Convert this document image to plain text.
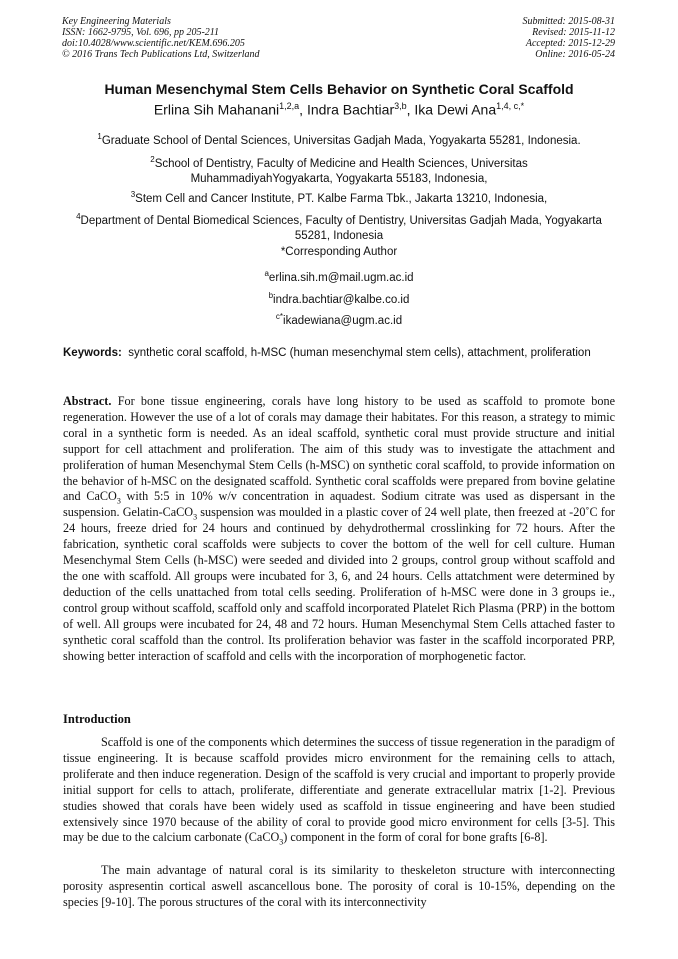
Key Engineering Materials
ISSN: 1662-9795, Vol. 696, pp 205-211
doi:10.4028/www.scientific.net/KEM.696.205
© 2016 Trans Tech Publications Ltd, Switzerland
Submitted: 2015-08-31
Revised: 2015-11-12
Accepted: 2015-12-29
Online: 2016-05-24
Human Mesenchymal Stem Cells Behavior on Synthetic Coral Scaffold
Erlina Sih Mahanani$^{1,2,a}$, Indra Bachtiar$^{3,b}$, Ika Dewi Ana$^{1,4, c,*}$
$^1$Graduate School of Dental Sciences, Universitas Gadjah Mada, Yogyakarta 55281, Indonesia.
$^2$School of Dentistry, Faculty of Medicine and Health Sciences, Universitas MuhammadiyahYogyakarta, Yogyakarta 55183, Indonesia,
$^3$Stem Cell and Cancer Institute, PT. Kalbe Farma Tbk., Jakarta 13210, Indonesia,
$^4$Department of Dental Biomedical Sciences, Faculty of Dentistry, Universitas Gadjah Mada, Yogyakarta 55281, Indonesia
*Corresponding Author
$^a$erlina.sih.m@mail.ugm.ac.id
$^b$indra.bachtiar@kalbe.co.id
$^{c*}$ikadewiana@ugm.ac.id
Keywords: synthetic coral scaffold, h-MSC (human mesenchymal stem cells), attachment, proliferation
Abstract. For bone tissue engineering, corals have long history to be used as scaffold to promote bone regeneration. However the use of a lot of corals may damage their habitates. For this reason, a strategy to mimic coral in a synthetic form is needed. As an ideal scaffold, synthetic coral must provide structure and initial support for cell attachment and proliferation. The aim of this study was to investigate the attachment and proliferation of human Mesenchymal Stem Cells (h-MSC) on synthetic coral scaffold, to provide information on the behavior of h-MSC on the designated scaffold. Synthetic coral scaffolds were prepared from bovine gelatine and CaCO$_3$ with 5:5 in 10% w/v concentration in aquadest. Sodium citrate was used as dispersant in the suspension. Gelatin-CaCO$_3$ suspension was moulded in a plastic cover of 24 well plate, then freezed at -20˚C for 24 hours, freeze dried for 24 hours and continued by dehydrothermal crosslinking for 72 hours. After the fabrication, synthetic coral scaffolds were subjects to cover the bottom of the well for cell culture. Human Mesenchymal Stem Cells (h-MSC) were seeded and divided into 2 groups, control group without scaffold and the one with scaffold. All groups were incubated for 3, 6, and 24 hours. Cells attatchment were determined by deduction of the cells unattached from total cells seeding. Proliferation of h-MSC were done in 3 groups ie., control group without scaffold, scaffold only and scaffold incorporated Platelet Rich Plasma (PRP) in the bottom of well. All groups were incubated for 24, 48 and 72 hours. Human Mesenchymal Stem Cells attached faster to synthetic coral scaffold than the control. Its proliferation behavior was faster in the scaffold incorporated PRP, showing better interaction of scaffold and cells with the incorporation of morphogenetic factor.
Introduction

Scaffold is one of the components which determines the success of tissue regeneration in the paradigm of tissue engineering. It is because scaffold provides micro environment for the remaining cells to attach, proliferate and then induce regeneration. Design of the scaffold is very crucial and important to properly provide initial support for cells to attach, proliferate, differentiate and generate extracellular matrix [1-2]. Previous studies showed that corals have been widely used as scaffold in tissue engineering and have been studied extensively since 1970 because of the ability of coral to provide good micro environment for cells [3-5]. This may be due to the calcium carbonate (CaCO$_3$) component in the form of coral for bone grafts [6-8].

The main advantage of natural coral is its similarity to theskeleton structure with interconnecting porosity aspresentin cortical aswell ascancellous bone. The porosity of coral is 10-15%, depending on the species [9-10]. The porous structures of the coral with its interconnectivity
